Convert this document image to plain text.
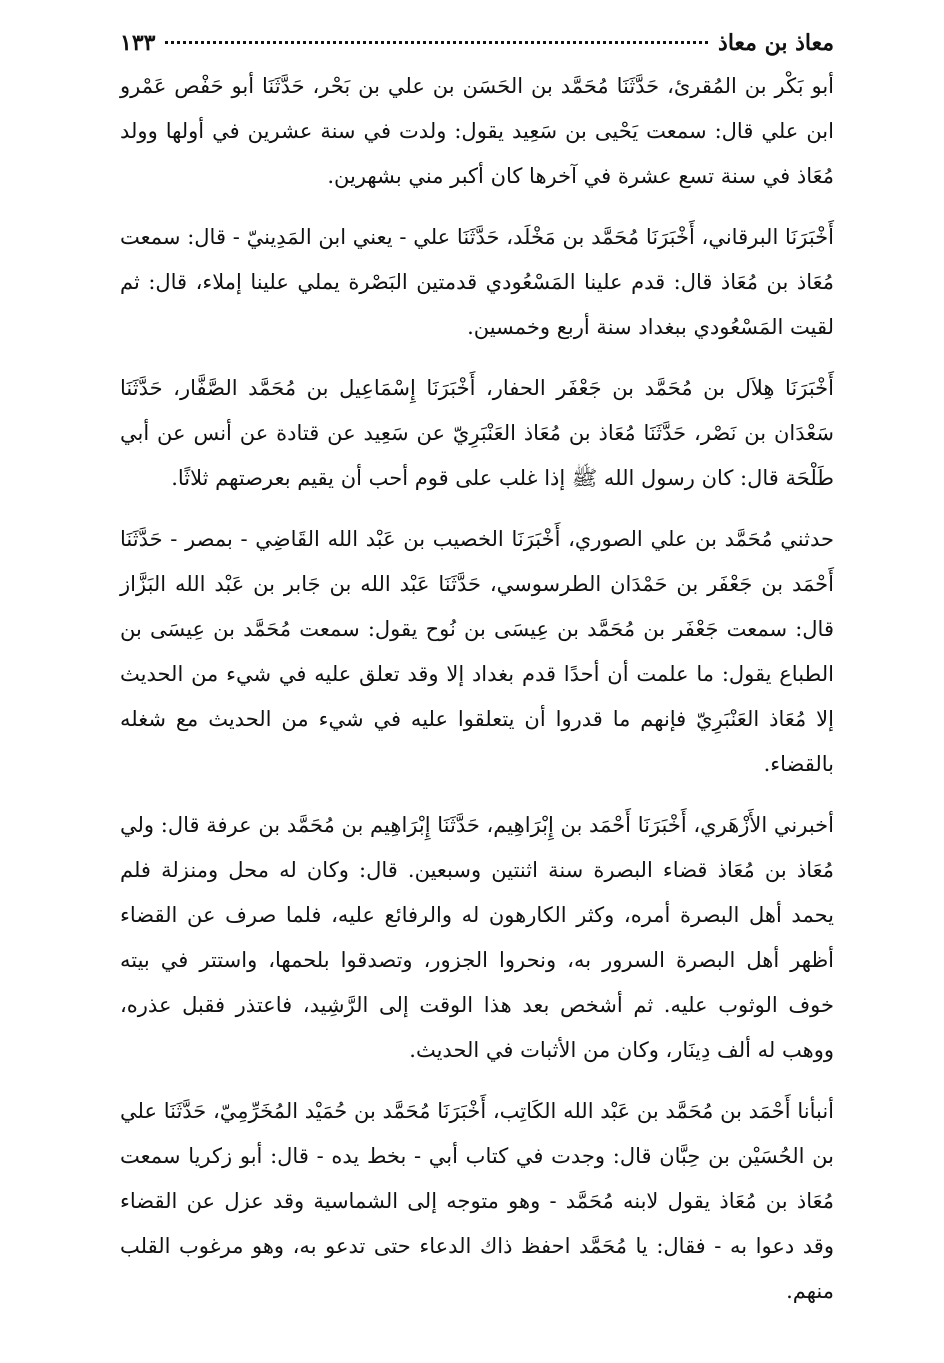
معاذ بن معاذ
١٣٣

أبو بَكْر بن المُقرئ، حَدَّثَنَا مُحَمَّد بن الحَسَن بن علي بن بَحْر، حَدَّثَنَا أبو حَفْص عَمْرو ابن علي قال: سمعت يَحْيى بن سَعِيد يقول: ولدت في سنة عشرين في أولها وولد مُعَاذ في سنة تسع عشرة في آخرها كان أكبر مني بشهرين.

أَخْبَرَنَا البرقاني، أَخْبَرَنَا مُحَمَّد بن مَخْلَد، حَدَّثَنَا علي - يعني ابن المَدِينيّ - قال: سمعت مُعَاذ بن مُعَاذ قال: قدم علينا المَسْعُودي قدمتين البَصْرة يملي علينا إملاء، قال: ثم لقيت المَسْعُودي ببغداد سنة أربع وخمسين.

أَخْبَرَنَا هِلاَل بن مُحَمَّد بن جَعْفَر الحفار، أَخْبَرَنَا إِسْمَاعِيل بن مُحَمَّد الصَّفَّار، حَدَّثَنَا سَعْدَان بن نَصْر، حَدَّثَنَا مُعَاذ بن مُعَاذ العَنْبَرِيّ عن سَعِيد عن قتادة عن أنس عن أبي طَلْحَة قال: كان رسول الله ﷺ إذا غلب على قوم أحب أن يقيم بعرصتهم ثلاثًا.

حدثني مُحَمَّد بن علي الصوري، أَخْبَرَنَا الخصيب بن عَبْد الله القَاضِي - بمصر - حَدَّثَنَا أَحْمَد بن جَعْفَر بن حَمْدَان الطرسوسي، حَدَّثَنَا عَبْد الله بن جَابر بن عَبْد الله البَزَّاز قال: سمعت جَعْفَر بن مُحَمَّد بن عِيسَى بن نُوح يقول: سمعت مُحَمَّد بن عِيسَى بن الطباع يقول: ما علمت أن أحدًا قدم بغداد إلا وقد تعلق عليه في شيء من الحديث إلا مُعَاذ العَنْبَرِيّ فإنهم ما قدروا أن يتعلقوا عليه في شيء من الحديث مع شغله بالقضاء.

أخبرني الأَزْهَري، أَخْبَرَنَا أَحْمَد بن إِبْرَاهِيم، حَدَّثَنَا إِبْرَاهِيم بن مُحَمَّد بن عرفة قال: ولي مُعَاذ بن مُعَاذ قضاء البصرة سنة اثنتين وسبعين. قال: وكان له محل ومنزلة فلم يحمد أهل البصرة أمره، وكثر الكارهون له والرفائع عليه، فلما صرف عن القضاء أظهر أهل البصرة السرور به، ونحروا الجزور، وتصدقوا بلحمها، واستتر في بيته خوف الوثوب عليه. ثم أشخص بعد هذا الوقت إلى الرَّشِيد، فاعتذر فقبل عذره، ووهب له ألف دِينَار، وكان من الأثبات في الحديث.

أنبأنا أَحْمَد بن مُحَمَّد بن عَبْد الله الكَاتِب، أَخْبَرَنَا مُحَمَّد بن حُمَيْد المُخَرِّمِيّ، حَدَّثَنَا علي بن الحُسَيْن بن حِبَّان قال: وجدت في كتاب أبي - بخط يده - قال: أبو زكريا سمعت مُعَاذ بن مُعَاذ يقول لابنه مُحَمَّد - وهو متوجه إلى الشماسية وقد عزل عن القضاء وقد دعوا به - فقال: يا مُحَمَّد احفظ ذاك الدعاء حتى تدعو به، وهو مرغوب القلب منهم.
